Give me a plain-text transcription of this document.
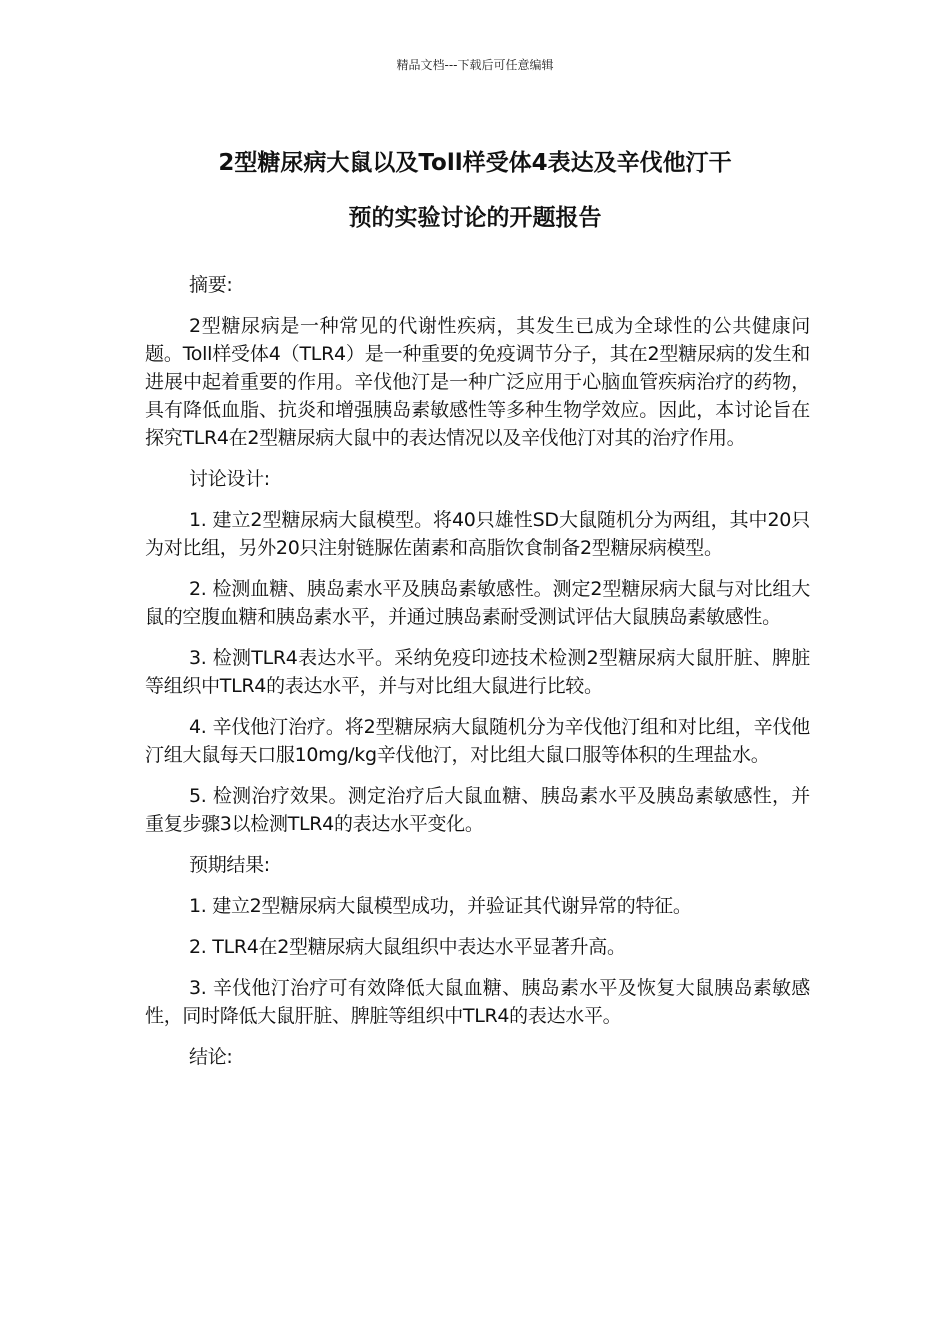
精品文档---下载后可任意编辑
2型糖尿病大鼠以及Toll样受体4表达及辛伐他汀干
预的实验讨论的开题报告

摘要:

2型糖尿病是一种常见的代谢性疾病，其发生已成为全球性的公共健康问题。Toll样受体4（TLR4）是一种重要的免疫调节分子，其在2型糖尿病的发生和进展中起着重要的作用。辛伐他汀是一种广泛应用于心脑血管疾病治疗的药物，具有降低血脂、抗炎和增强胰岛素敏感性等多种生物学效应。因此，本讨论旨在探究TLR4在2型糖尿病大鼠中的表达情况以及辛伐他汀对其的治疗作用。

讨论设计:

1. 建立2型糖尿病大鼠模型。将40只雄性SD大鼠随机分为两组，其中20只为对比组，另外20只注射链脲佐菌素和高脂饮食制备2型糖尿病模型。

2. 检测血糖、胰岛素水平及胰岛素敏感性。测定2型糖尿病大鼠与对比组大鼠的空腹血糖和胰岛素水平，并通过胰岛素耐受测试评估大鼠胰岛素敏感性。

3. 检测TLR4表达水平。采纳免疫印迹技术检测2型糖尿病大鼠肝脏、脾脏等组织中TLR4的表达水平，并与对比组大鼠进行比较。

4. 辛伐他汀治疗。将2型糖尿病大鼠随机分为辛伐他汀组和对比组，辛伐他汀组大鼠每天口服10mg/kg辛伐他汀，对比组大鼠口服等体积的生理盐水。

5. 检测治疗效果。测定治疗后大鼠血糖、胰岛素水平及胰岛素敏感性，并重复步骤3以检测TLR4的表达水平变化。

预期结果:

1. 建立2型糖尿病大鼠模型成功，并验证其代谢异常的特征。

2. TLR4在2型糖尿病大鼠组织中表达水平显著升高。

3. 辛伐他汀治疗可有效降低大鼠血糖、胰岛素水平及恢复大鼠胰岛素敏感性，同时降低大鼠肝脏、脾脏等组织中TLR4的表达水平。

结论:
